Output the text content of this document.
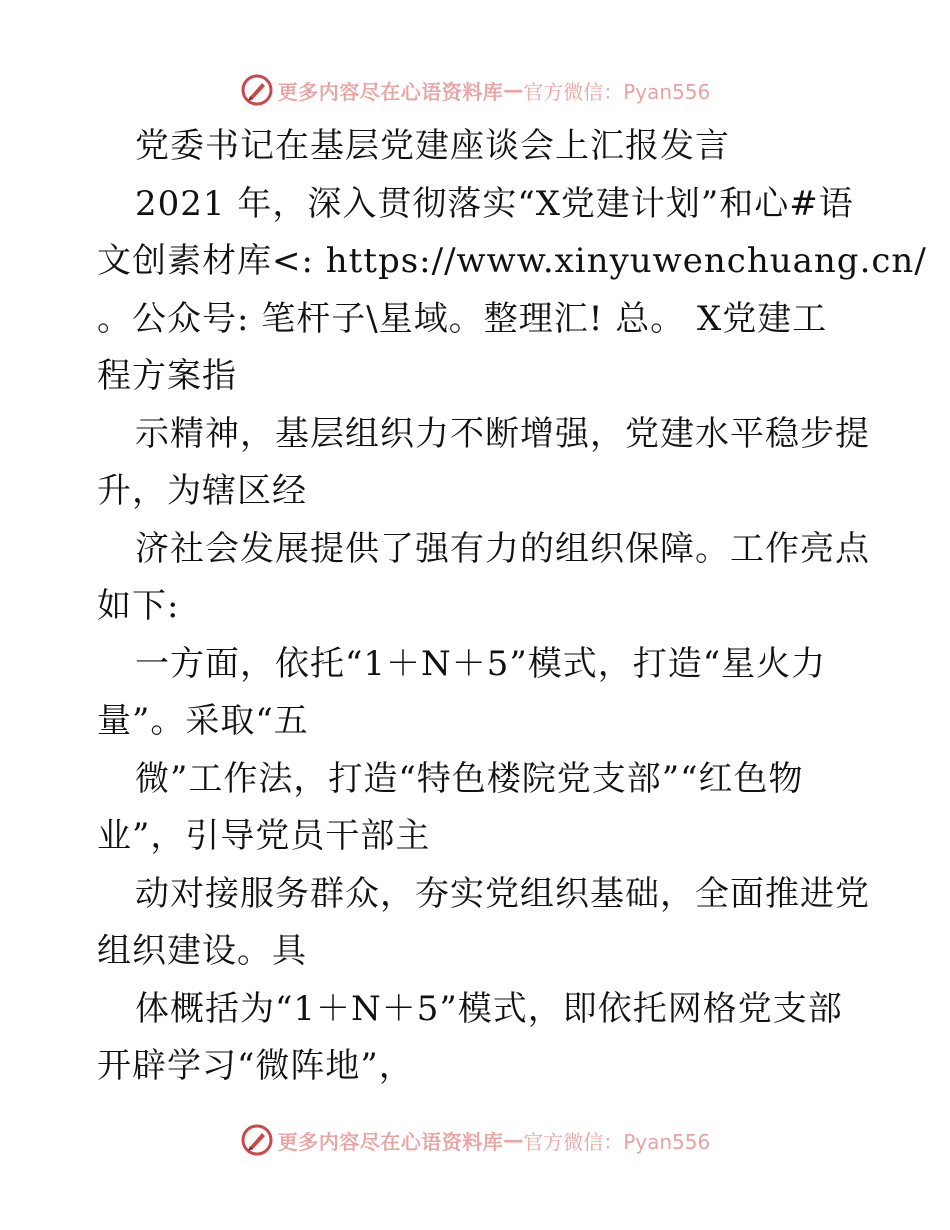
更多内容尽在心语资料库 — 官方微信：Pyan556
党委书记在基层党建座谈会上汇报发言
2021 年，深入贯彻落实“X党建计划”和心#语
文创素材库<: https://www.xinyuwenchuang.cn/
。公众号: 笔杆子\星域。整理汇! 总。 X党建工
程方案指
示精神，基层组织力不断增强，党建水平稳步提
升，为辖区经
济社会发展提供了强有力的组织保障。工作亮点
如下:
一方面，依托“1＋N＋5”模式，打造“星火力
量”。采取“五
微”工作法，打造“特色楼院党支部”“红色物
业”，引导党员干部主
动对接服务群众，夯实党组织基础，全面推进党
组织建设。具
体概括为“1＋N＋5”模式，即依托网格党支部
开辟学习“微阵地”，
更多内容尽在心语资料库 — 官方微信：Pyan556
